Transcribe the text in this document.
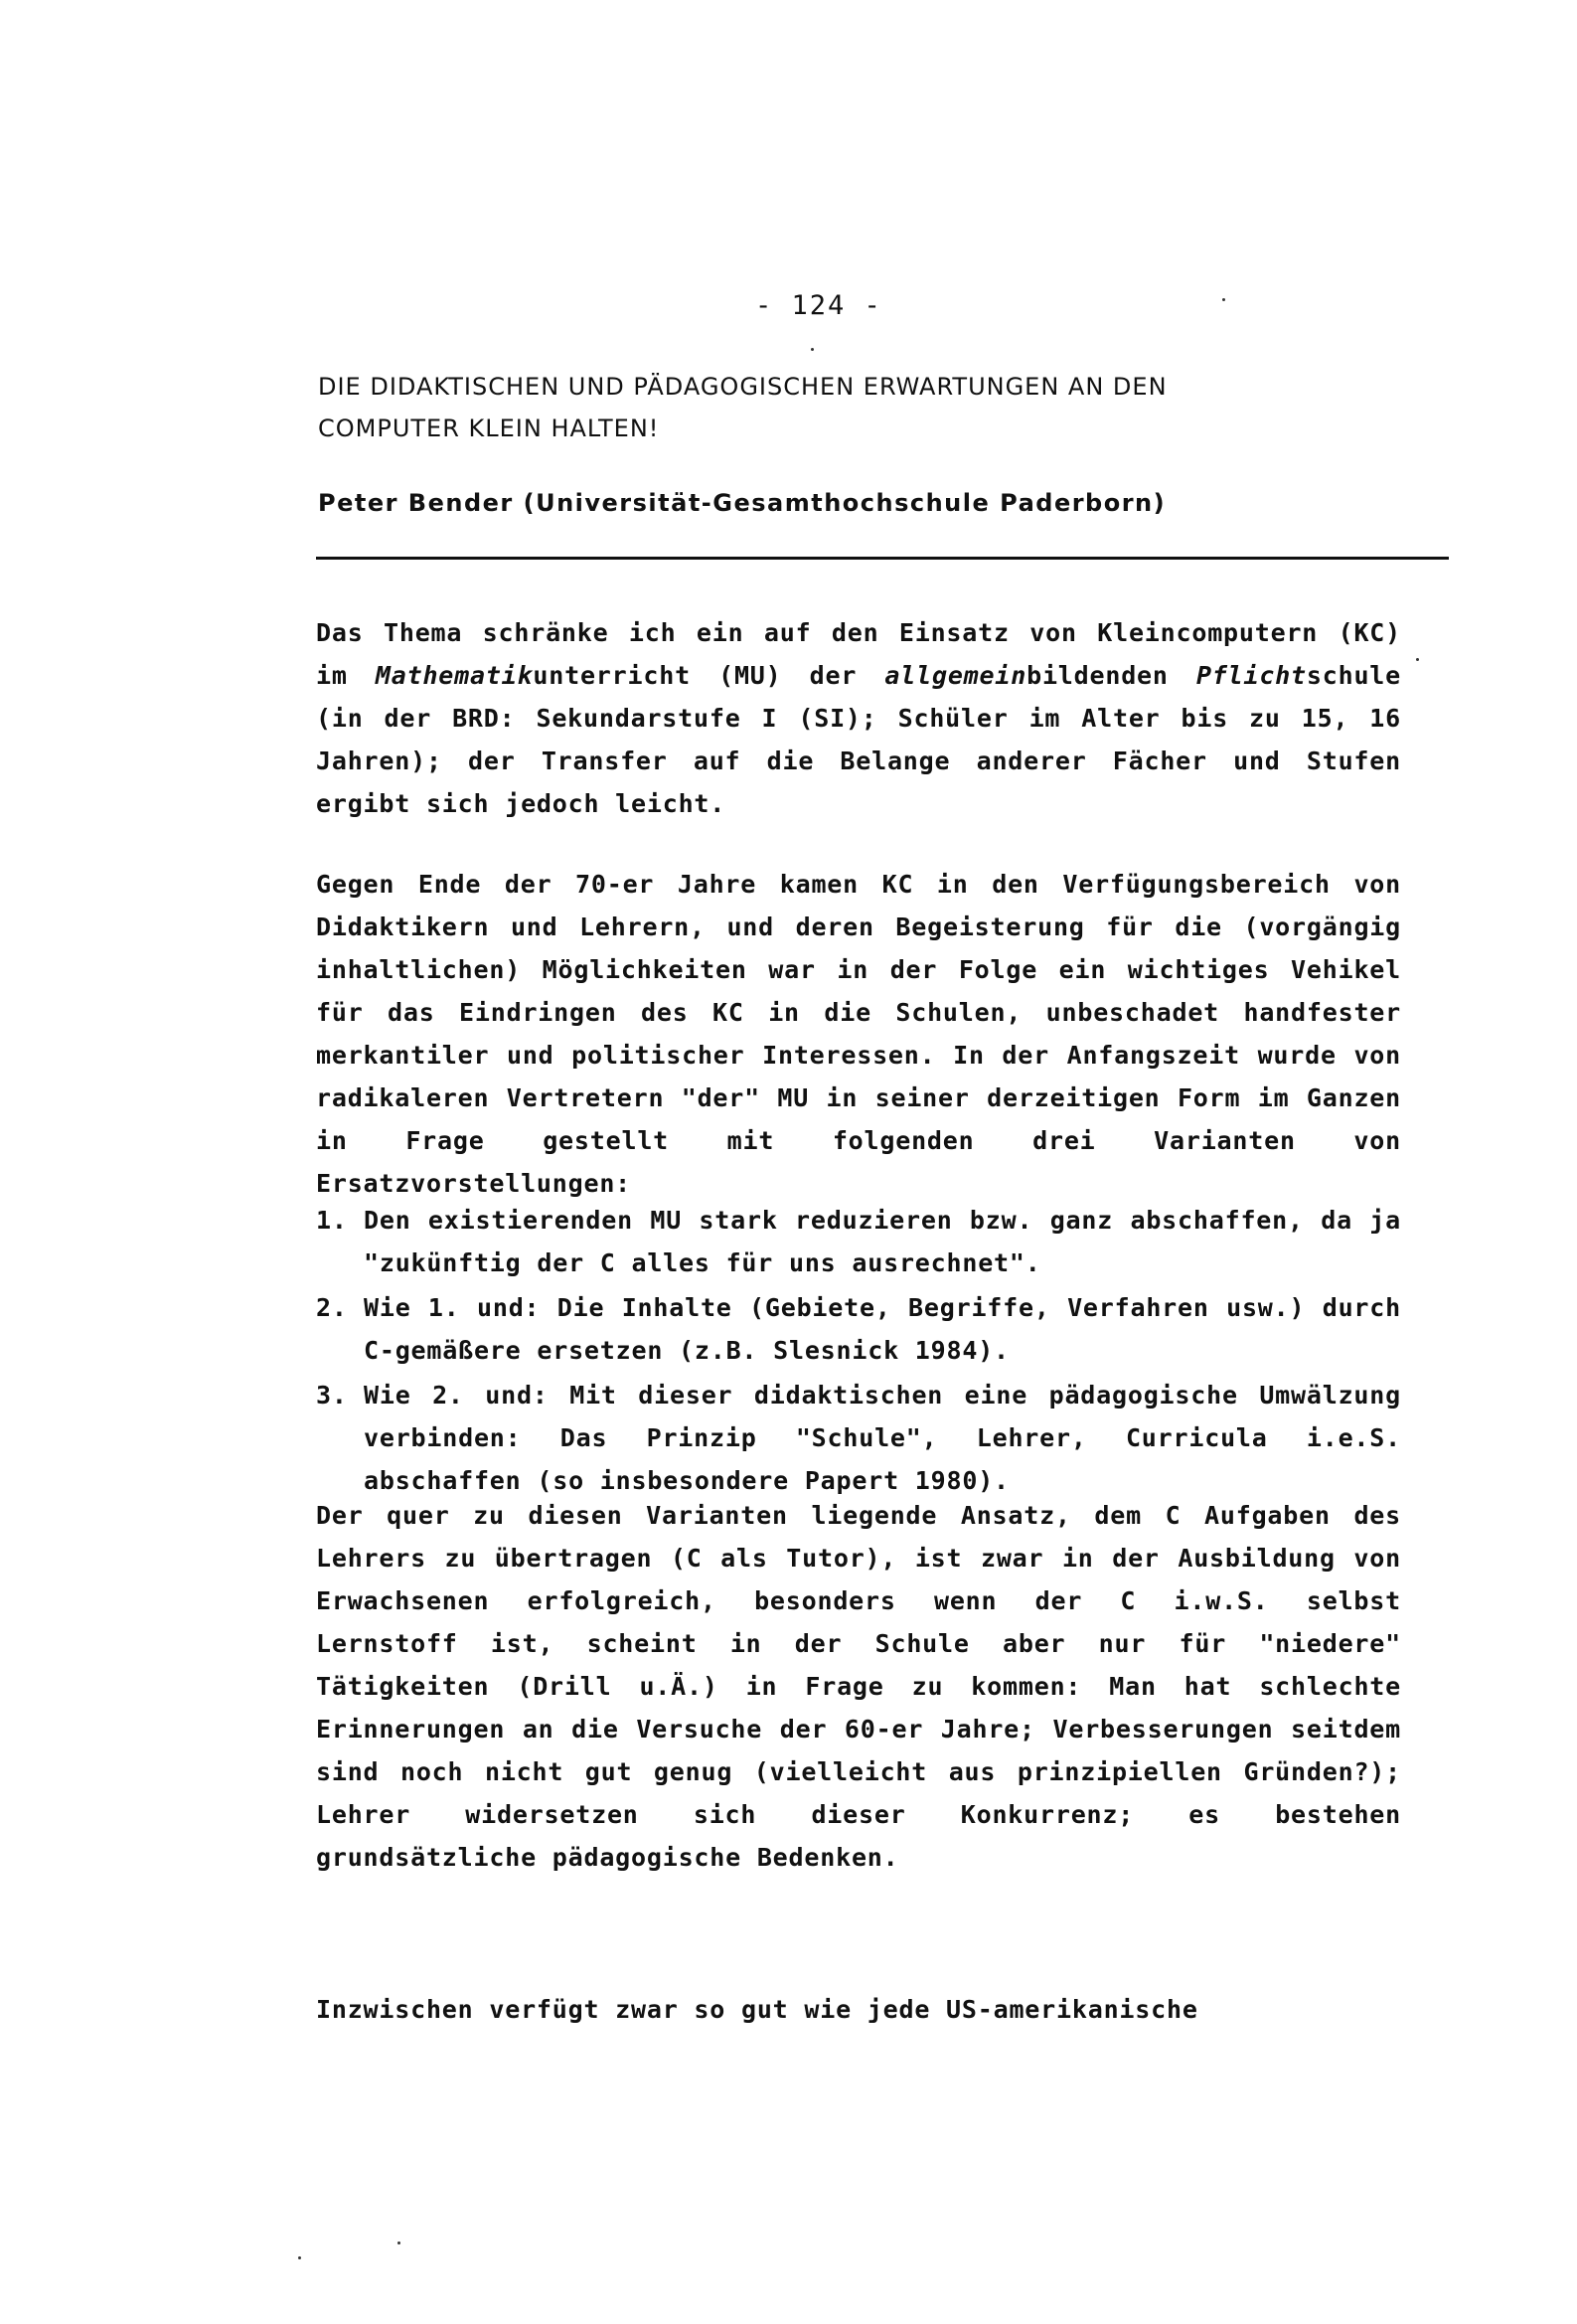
- 124 -
DIE DIDAKTISCHEN UND PÄDAGOGISCHEN ERWARTUNGEN AN DEN
COMPUTER KLEIN HALTEN!
Peter Bender (Universität-Gesamthochschule Paderborn)

Das Thema schränke ich ein auf den Einsatz von Kleincomputern (KC) im Mathematikunterricht (MU) der allgemeinbildenden Pflichtschule (in der BRD: Sekundarstufe I (SI); Schüler im Alter bis zu 15, 16 Jahren); der Transfer auf die Belange anderer Fächer und Stufen ergibt sich jedoch leicht.

Gegen Ende der 70-er Jahre kamen KC in den Verfügungsbereich von Didaktikern und Lehrern, und deren Begeisterung für die (vorgängig inhaltlichen) Möglichkeiten war in der Folge ein wichtiges Vehikel für das Eindringen des KC in die Schulen, unbeschadet handfester merkantiler und politischer Interessen. In der Anfangszeit wurde von radikaleren Vertretern "der" MU in seiner derzeitigen Form im Ganzen in Frage gestellt mit folgenden drei Varianten von Ersatzvorstellungen:

1. Den existierenden MU stark reduzieren bzw. ganz abschaffen, da ja "zukünftig der C alles für uns ausrechnet".
2. Wie 1. und: Die Inhalte (Gebiete, Begriffe, Verfahren usw.) durch C-gemäßere ersetzen (z.B. Slesnick 1984).
3. Wie 2. und: Mit dieser didaktischen eine pädagogische Umwälzung verbinden: Das Prinzip "Schule", Lehrer, Curricula i.e.S. abschaffen (so insbesondere Papert 1980).

Der quer zu diesen Varianten liegende Ansatz, dem C Aufgaben des Lehrers zu übertragen (C als Tutor), ist zwar in der Ausbildung von Erwachsenen erfolgreich, besonders wenn der C i.w.S. selbst Lernstoff ist, scheint in der Schule aber nur für "niedere" Tätigkeiten (Drill u.Ä.) in Frage zu kommen: Man hat schlechte Erinnerungen an die Versuche der 60-er Jahre; Verbesserungen seitdem sind noch nicht gut genug (vielleicht aus prinzipiellen Gründen?); Lehrer widersetzen sich dieser Konkurrenz; es bestehen grundsätzliche pädagogische Bedenken.

Inzwischen verfügt zwar so gut wie jede US-amerikanische
